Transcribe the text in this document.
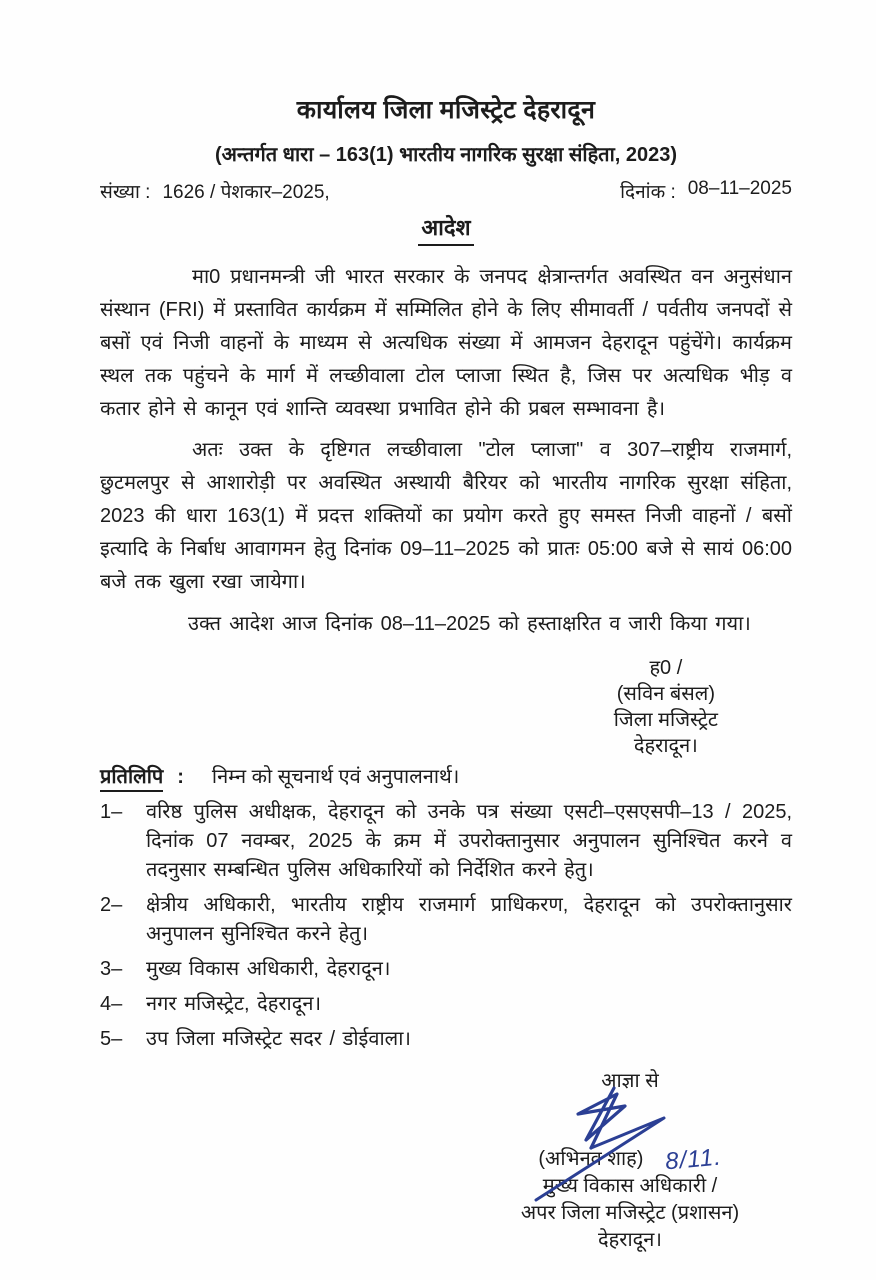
कार्यालय जिला मजिस्ट्रेट देहरादून
(अन्तर्गत धारा – 163(1) भारतीय नागरिक सुरक्षा संहिता, 2023)
संख्या : 1626 / पेशकार–2025,	दिनांक : 08–11–2025
आदेश

मा0 प्रधानमन्त्री जी भारत सरकार के जनपद क्षेत्रान्तर्गत अवस्थित वन अनुसंधान संस्थान (FRI) में प्रस्तावित कार्यक्रम में सम्मिलित होने के लिए सीमावर्ती / पर्वतीय जनपदों से बसों एवं निजी वाहनों के माध्यम से अत्यधिक संख्या में आमजन देहरादून पहुंचेंगे। कार्यक्रम स्थल तक पहुंचने के मार्ग में लच्छीवाला टोल प्लाजा स्थित है, जिस पर अत्यधिक भीड़ व कतार होने से कानून एवं शान्ति व्यवस्था प्रभावित होने की प्रबल सम्भावना है।

अतः उक्त के दृष्टिगत लच्छीवाला "टोल प्लाजा" व 307–राष्ट्रीय राजमार्ग, छुटमलपुर से आशारोड़ी पर अवस्थित अस्थायी बैरियर को भारतीय नागरिक सुरक्षा संहिता, 2023 की धारा 163(1) में प्रदत्त शक्तियों का प्रयोग करते हुए समस्त निजी वाहनों / बसों इत्यादि के निर्बाध आवागमन हेतु दिनांक 09–11–2025 को प्रातः 05:00 बजे से सायं 06:00 बजे तक खुला रखा जायेगा।

उक्त आदेश आज दिनांक 08–11–2025 को हस्ताक्षरित व जारी किया गया।

ह0 /
(सविन बंसल)
जिला मजिस्ट्रेट
देहरादून।
प्रतिलिपि : निम्न को सूचनार्थ एवं अनुपालनार्थ।
1–	वरिष्ठ पुलिस अधीक्षक, देहरादून को उनके पत्र संख्या एसटी–एसएसपी–13 / 2025, दिनांक 07 नवम्बर, 2025 के क्रम में उपरोक्तानुसार अनुपालन सुनिश्चित करने व तदनुसार सम्बन्धित पुलिस अधिकारियों को निर्देशित करने हेतु।
2–	क्षेत्रीय अधिकारी, भारतीय राष्ट्रीय राजमार्ग प्राधिकरण, देहरादून को उपरोक्तानुसार अनुपालन सुनिश्चित करने हेतु।
3–	मुख्य विकास अधिकारी, देहरादून।
4–	नगर मजिस्ट्रेट, देहरादून।
5–	उप जिला मजिस्ट्रेट सदर / डोईवाला।
आज्ञा से
(अभिनव शाह) 8/11.
मुख्य विकास अधिकारी /
अपर जिला मजिस्ट्रेट (प्रशासन)
देहरादून।
